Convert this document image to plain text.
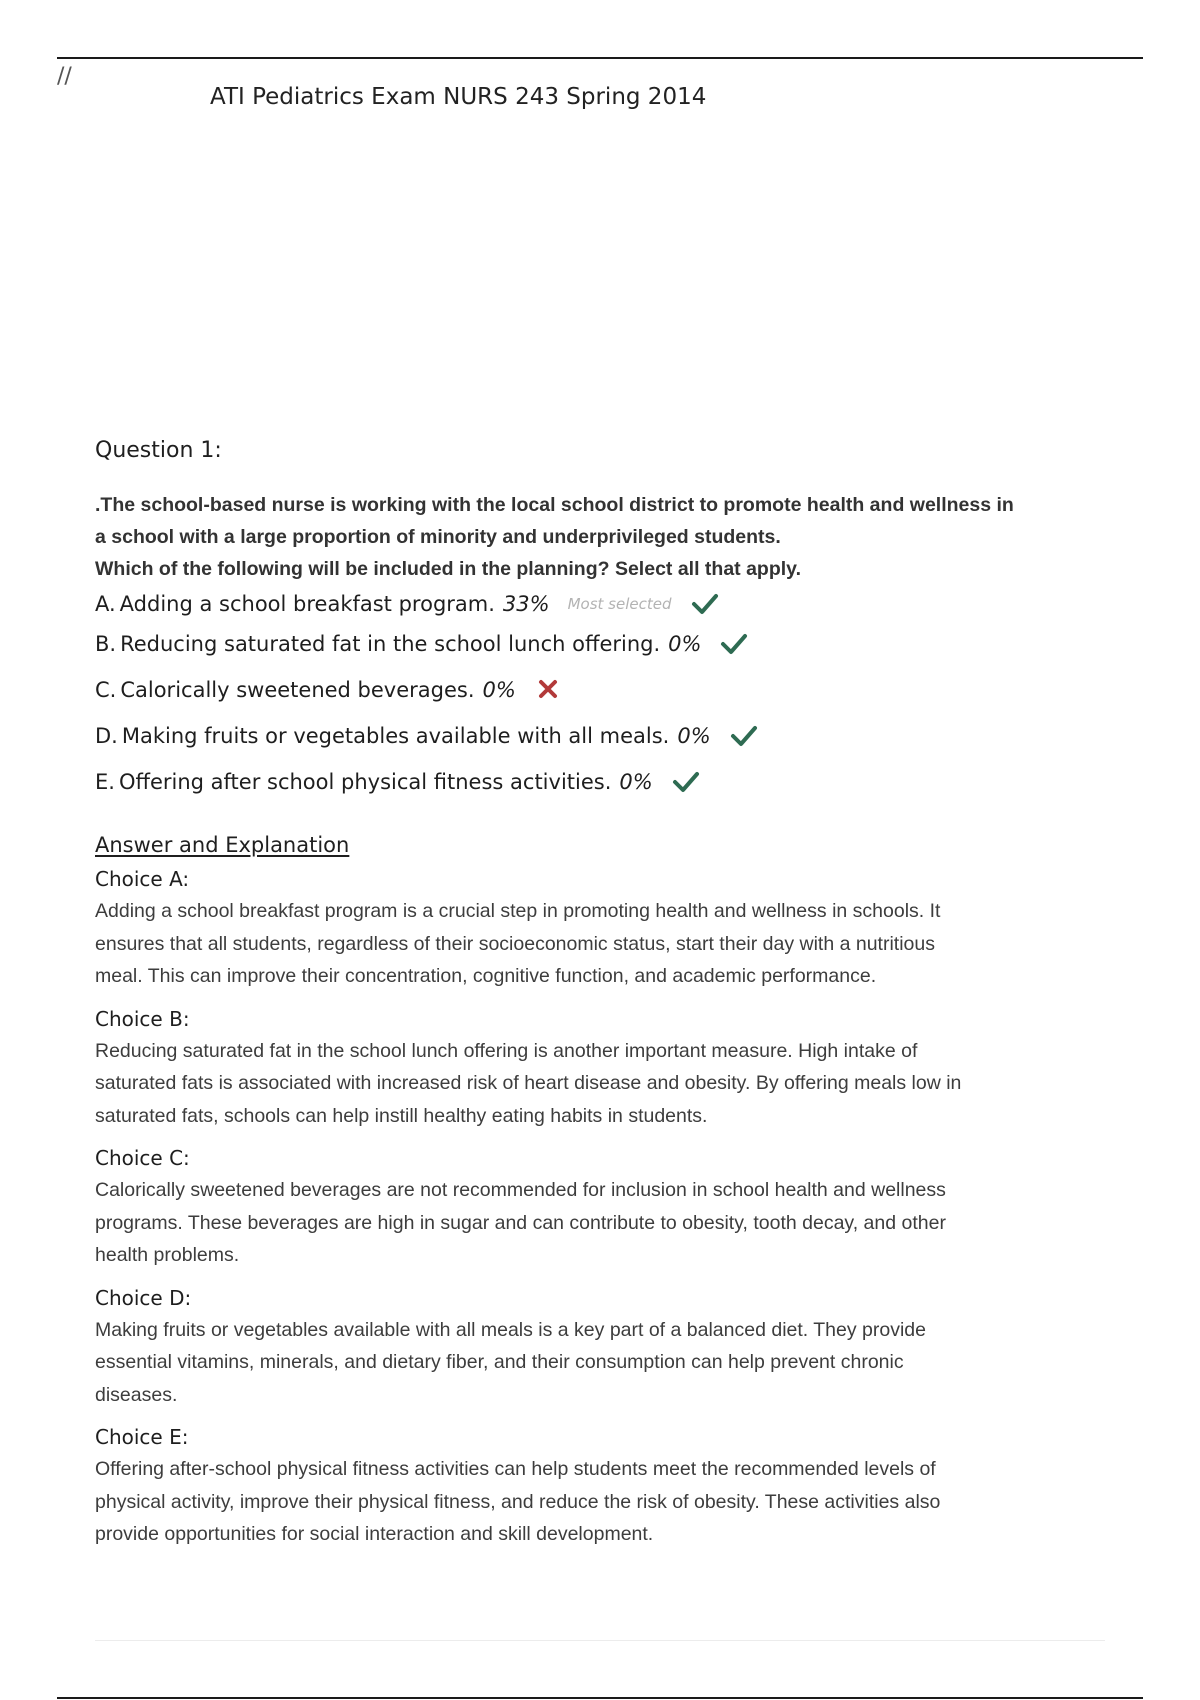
//
ATI Pediatrics Exam NURS 243 Spring 2014
Question 1:

.The school-based nurse is working with the local school district to promote health and wellness in
a school with a large proportion of minority and underprivileged students.
Which of the following will be included in the planning? Select all that apply.

A. Adding a school breakfast program. 33% Most selected
B. Reducing saturated fat in the school lunch offering. 0%
C. Calorically sweetened beverages. 0%
D. Making fruits or vegetables available with all meals. 0%
E. Offering after school physical fitness activities. 0%
Answer and Explanation
Choice A:

Adding a school breakfast program is a crucial step in promoting health and wellness in schools. It
ensures that all students, regardless of their socioeconomic status, start their day with a nutritious
meal. This can improve their concentration, cognitive function, and academic performance.

Choice B:

Reducing saturated fat in the school lunch offering is another important measure. High intake of
saturated fats is associated with increased risk of heart disease and obesity. By offering meals low in
saturated fats, schools can help instill healthy eating habits in students.

Choice C:

Calorically sweetened beverages are not recommended for inclusion in school health and wellness
programs. These beverages are high in sugar and can contribute to obesity, tooth decay, and other
health problems.

Choice D:

Making fruits or vegetables available with all meals is a key part of a balanced diet. They provide
essential vitamins, minerals, and dietary fiber, and their consumption can help prevent chronic
diseases.

Choice E:

Offering after-school physical fitness activities can help students meet the recommended levels of
physical activity, improve their physical fitness, and reduce the risk of obesity. These activities also
provide opportunities for social interaction and skill development.
